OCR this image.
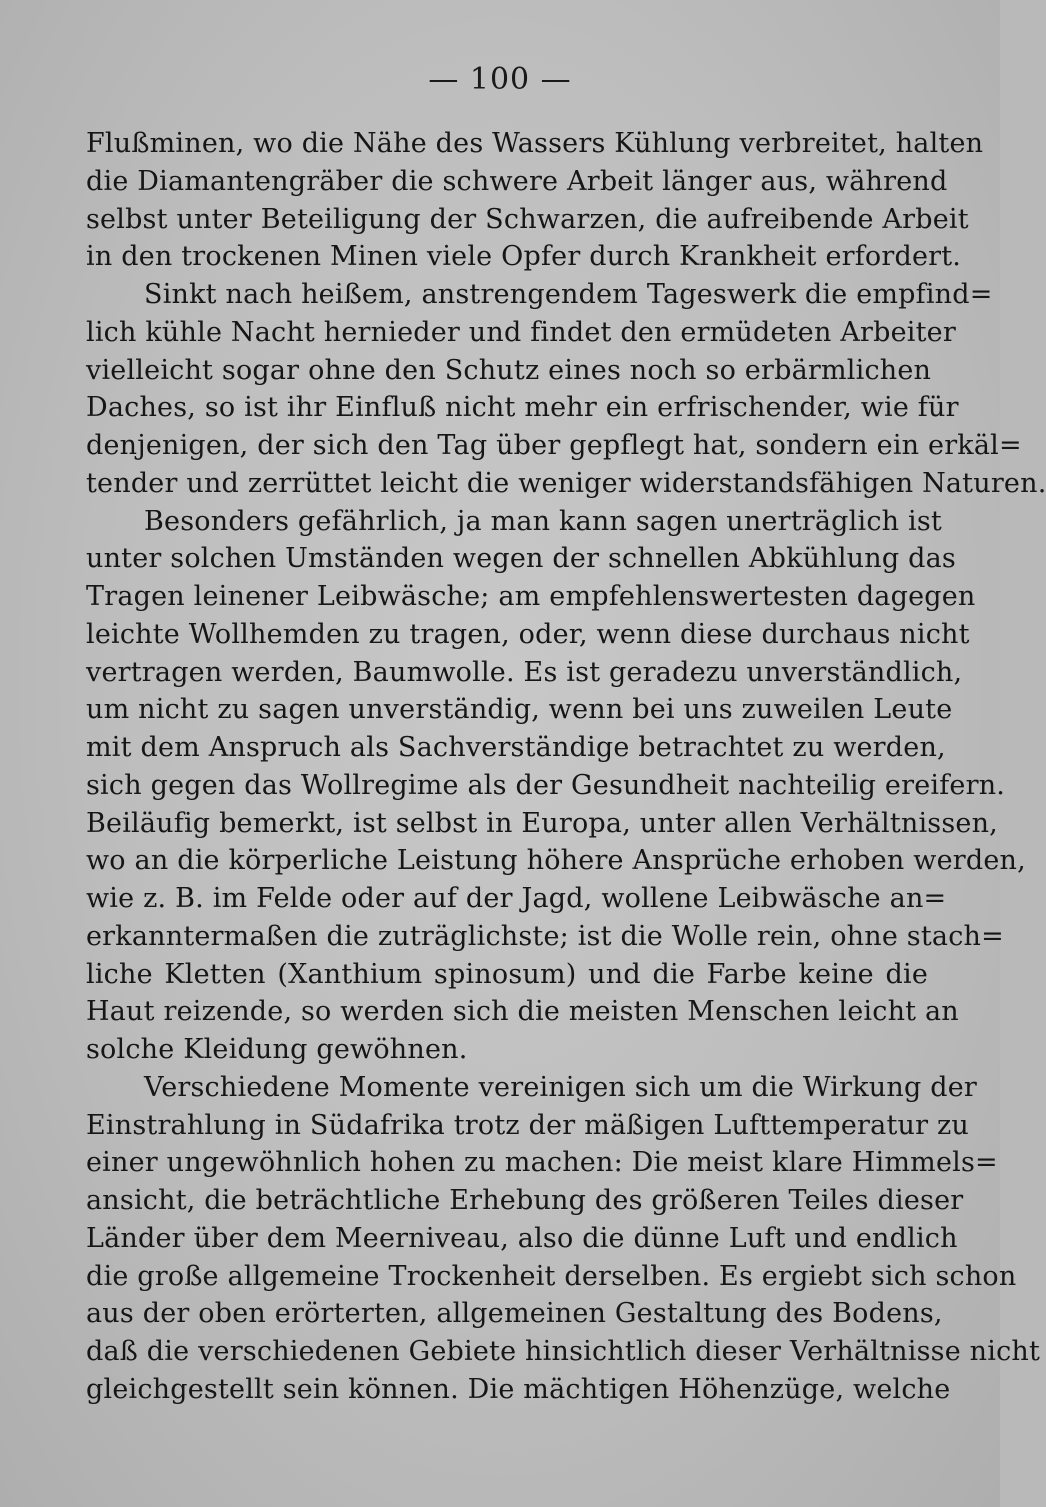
— 100 —
Flußminen, wo die Nähe des Wassers Kühlung verbreitet, halten
die Diamantengräber die schwere Arbeit länger aus, während
selbst unter Beteiligung der Schwarzen, die aufreibende Arbeit
in den trockenen Minen viele Opfer durch Krankheit erfordert.
Sinkt nach heißem, anstrengendem Tageswerk die empfind=
lich kühle Nacht hernieder und findet den ermüdeten Arbeiter
vielleicht sogar ohne den Schutz eines noch so erbärmlichen
Daches, so ist ihr Einfluß nicht mehr ein erfrischender, wie für
denjenigen, der sich den Tag über gepflegt hat, sondern ein erkäl=
tender und zerrüttet leicht die weniger widerstandsfähigen Naturen.
Besonders gefährlich, ja man kann sagen unerträglich ist
unter solchen Umständen wegen der schnellen Abkühlung das
Tragen leinener Leibwäsche; am empfehlenswertesten dagegen
leichte Wollhemden zu tragen, oder, wenn diese durchaus nicht
vertragen werden, Baumwolle. Es ist geradezu unverständlich,
um nicht zu sagen unverständig, wenn bei uns zuweilen Leute
mit dem Anspruch als Sachverständige betrachtet zu werden,
sich gegen das Wollregime als der Gesundheit nachteilig ereifern.
Beiläufig bemerkt, ist selbst in Europa, unter allen Verhältnissen,
wo an die körperliche Leistung höhere Ansprüche erhoben werden,
wie z. B. im Felde oder auf der Jagd, wollene Leibwäsche an=
erkanntermaßen die zuträglichste; ist die Wolle rein, ohne stach=
liche Kletten (Xanthium spinosum) und die Farbe keine die
Haut reizende, so werden sich die meisten Menschen leicht an
solche Kleidung gewöhnen.
Verschiedene Momente vereinigen sich um die Wirkung der
Einstrahlung in Südafrika trotz der mäßigen Lufttemperatur zu
einer ungewöhnlich hohen zu machen: Die meist klare Himmels=
ansicht, die beträchtliche Erhebung des größeren Teiles dieser
Länder über dem Meerniveau, also die dünne Luft und endlich
die große allgemeine Trockenheit derselben. Es ergiebt sich schon
aus der oben erörterten, allgemeinen Gestaltung des Bodens,
daß die verschiedenen Gebiete hinsichtlich dieser Verhältnisse nicht
gleichgestellt sein können. Die mächtigen Höhenzüge, welche
